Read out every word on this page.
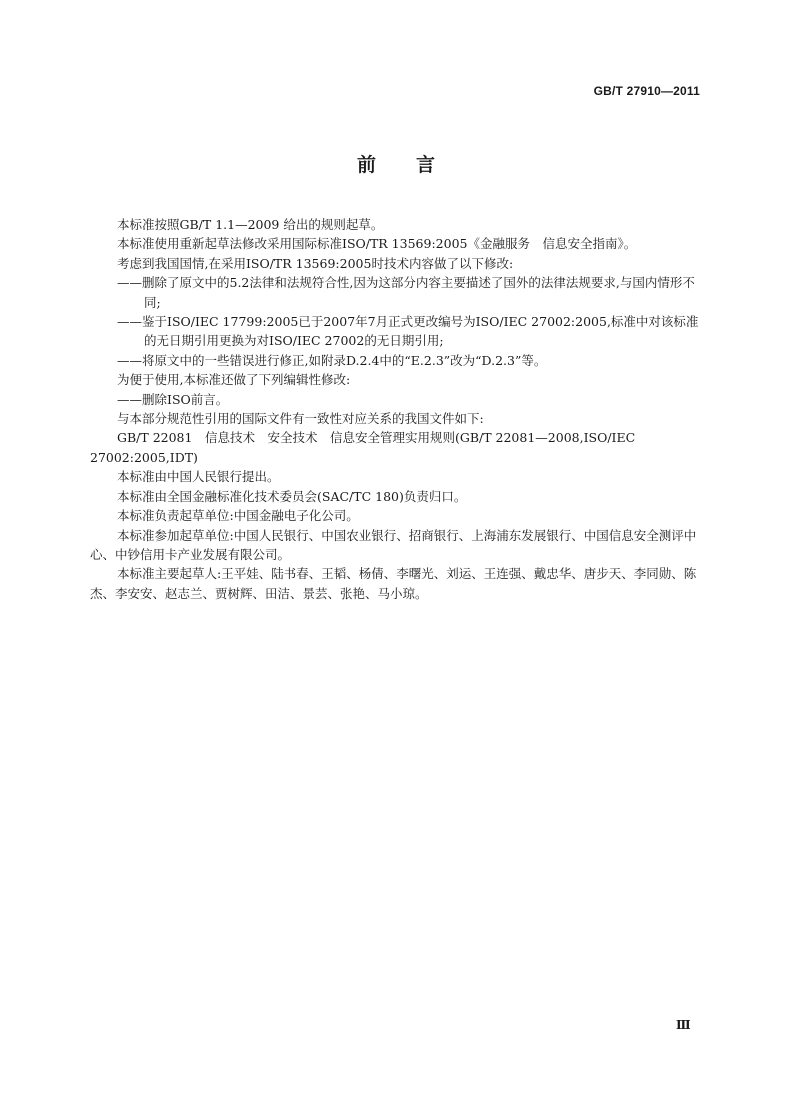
GB/T 27910—2011
前言

本标准按照GB/T 1.1—2009 给出的规则起草。

本标准使用重新起草法修改采用国际标准ISO/TR 13569:2005《金融服务　信息安全指南》。

考虑到我国国情,在采用ISO/TR 13569:2005时技术内容做了以下修改:

——删除了原文中的5.2法律和法规符合性,因为这部分内容主要描述了国外的法律法规要求,与国内情形不同;

——鉴于ISO/IEC 17799:2005已于2007年7月正式更改编号为ISO/IEC 27002:2005,标准中对该标准的无日期引用更换为对ISO/IEC 27002的无日期引用;

——将原文中的一些错误进行修正,如附录D.2.4中的“E.2.3”改为“D.2.3”等。

为便于使用,本标准还做了下列编辑性修改:

——删除ISO前言。

与本部分规范性引用的国际文件有一致性对应关系的我国文件如下:

GB/T 22081　信息技术　安全技术　信息安全管理实用规则(GB/T 22081—2008,ISO/IEC 27002:2005,IDT)

本标准由中国人民银行提出。

本标准由全国金融标准化技术委员会(SAC/TC 180)负责归口。

本标准负责起草单位:中国金融电子化公司。

本标准参加起草单位:中国人民银行、中国农业银行、招商银行、上海浦东发展银行、中国信息安全测评中心、中钞信用卡产业发展有限公司。

本标准主要起草人:王平娃、陆书春、王韬、杨倩、李曙光、刘运、王连强、戴忠华、唐步天、李同勋、陈杰、李安安、赵志兰、贾树辉、田洁、景芸、张艳、马小琼。

Ⅲ
